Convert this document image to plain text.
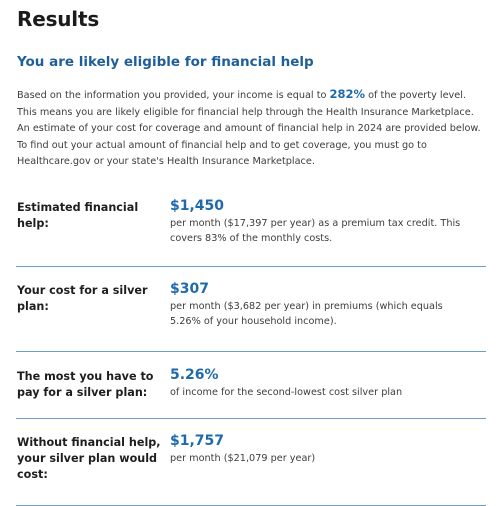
Results
You are likely eligible for financial help
Based on the information you provided, your income is equal to 282% of the poverty level. This means you are likely eligible for financial help through the Health Insurance Marketplace. An estimate of your cost for coverage and amount of financial help in 2024 are provided below. To find out your actual amount of financial help and to get coverage, you must go to Healthcare.gov or your state's Health Insurance Marketplace.
Estimated financial help:
$1,450
per month ($17,397 per year) as a premium tax credit. This covers 83% of the monthly costs.
Your cost for a silver plan:
$307
per month ($3,682 per year) in premiums (which equals 5.26% of your household income).
The most you have to pay for a silver plan:
5.26%
of income for the second-lowest cost silver plan
Without financial help, your silver plan would cost:
$1,757
per month ($21,079 per year)
